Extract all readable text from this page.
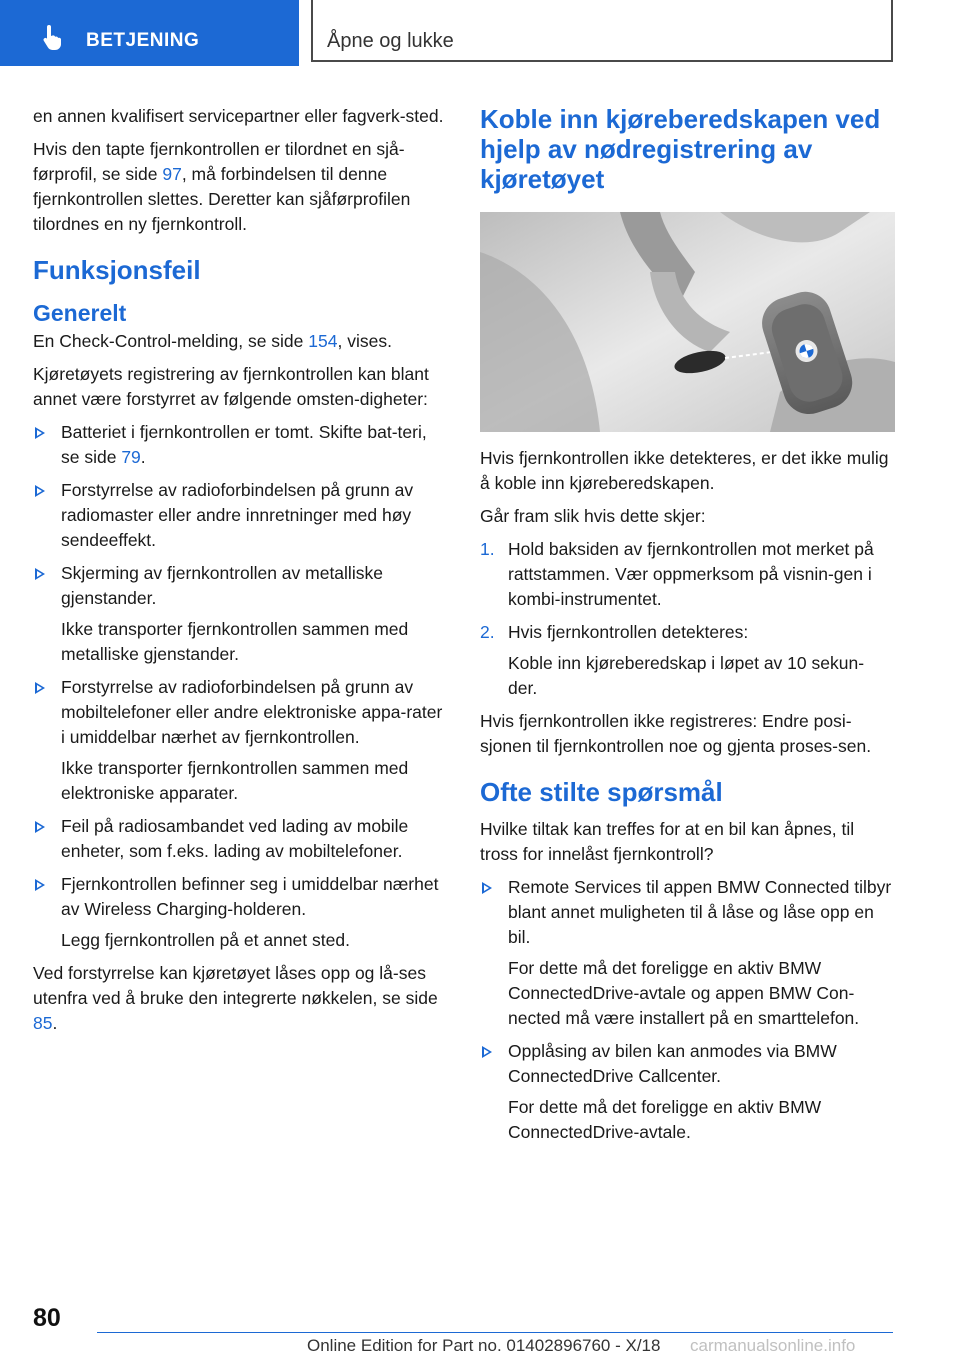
BETJENING	Åpne og lukke

en annen kvalifisert servicepartner eller fagverk-sted.

Hvis den tapte fjernkontrollen er tilordnet en sjå-førprofil, se side 97, må forbindelsen til denne fjernkontrollen slettes. Deretter kan sjåførprofilen tilordnes en ny fjernkontroll.

Funksjonsfeil
Generelt

En Check-Control-melding, se side 154, vises.

Kjøretøyets registrering av fjernkontrollen kan blant annet være forstyrret av følgende omsten-digheter:

Batteriet i fjernkontrollen er tomt. Skifte bat-teri, se side 79.
Forstyrrelse av radioforbindelsen på grunn av radiomaster eller andre innretninger med høy sendeeffekt.
Skjerming av fjernkontrollen av metalliske gjenstander.
Ikke transporter fjernkontrollen sammen med metalliske gjenstander.
Forstyrrelse av radioforbindelsen på grunn av mobiltelefoner eller andre elektroniske appa-rater i umiddelbar nærhet av fjernkontrollen.
Ikke transporter fjernkontrollen sammen med elektroniske apparater.
Feil på radiosambandet ved lading av mobile enheter, som f.eks. lading av mobiltelefoner.
Fjernkontrollen befinner seg i umiddelbar nærhet av Wireless Charging-holderen.
Legg fjernkontrollen på et annet sted.

Ved forstyrrelse kan kjøretøyet låses opp og lå-ses utenfra ved å bruke den integrerte nøkkelen, se side 85.

Koble inn kjøreberedskapen ved hjelp av nødregistrering av kjøretøyet

Hvis fjernkontrollen ikke detekteres, er det ikke mulig å koble inn kjøreberedskapen.

Går fram slik hvis dette skjer:

1. Hold baksiden av fjernkontrollen mot merket på rattstammen. Vær oppmerksom på visnin-gen i kombi-instrumentet.
2. Hvis fjernkontrollen detekteres:
Koble inn kjøreberedskap i løpet av 10 sekun-der.

Hvis fjernkontrollen ikke registreres: Endre posi-sjonen til fjernkontrollen noe og gjenta proses-sen.

Ofte stilte spørsmål

Hvilke tiltak kan treffes for at en bil kan åpnes, til tross for innelåst fjernkontroll?

Remote Services til appen BMW Connected tilbyr blant annet muligheten til å låse og låse opp en bil.
For dette må det foreligge en aktiv BMW ConnectedDrive-avtale og appen BMW Con-nected må være installert på en smarttelefon.
Opplåsing av bilen kan anmodes via BMW ConnectedDrive Callcenter.
For dette må det foreligge en aktiv BMW ConnectedDrive-avtale.
80
Online Edition for Part no. 01402896760 - X/18 carmanualsonline.info
